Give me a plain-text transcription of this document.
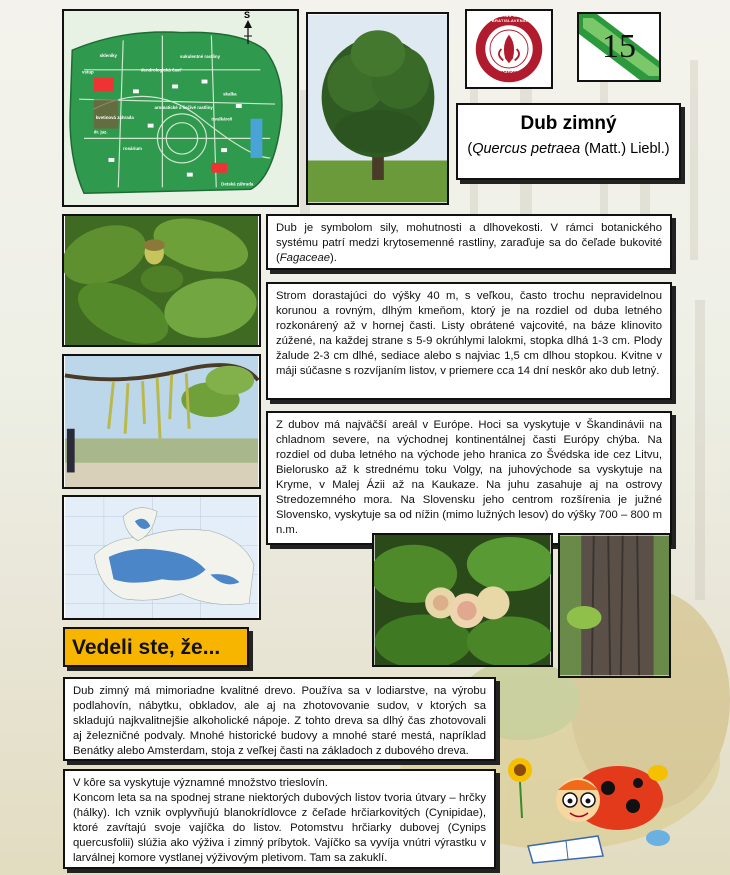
vstup
skleníky
dendrologická časť
sukulentné rastliny
kvetinová záhrada
rosárium
trvalkáreň
aromatické a liečivé rastliny
dr. jaz.
Detská záhrada
skalka
S
MCMXIX
UNIVERSITAS COMENIANA BRATISLAVENSIS
15
Dub zimný
(Quercus petraea (Matt.) Liebl.)

Dub je symbolom sily, mohutnosti a dlhovekosti. V rámci botanického systému patrí medzi krytosemenné rastliny, zaraďuje sa do čeľade bukovité (Fagaceae).

Strom dorastajúci do výšky 40 m, s veľkou, často trochu nepravidelnou korunou a rovným, dlhým kmeňom, ktorý je na rozdiel od duba letného rozkonárený až v hornej časti. Listy obrátené vajcovité, na báze klinovito zúžené, na každej strane s 5-9 okrúhlymi lalokmi, stopka dlhá 1-3 cm. Plody žalude 2-3 cm dlhé, sediace alebo s najviac 1,5 cm dlhou stopkou. Kvitne v máji súčasne s rozvíjaním listov, v priemere cca 14 dní neskôr ako dub letný.

Z dubov má najväčší areál v Európe. Hoci sa vyskytuje v Škandinávii na chladnom severe, na východnej kontinentálnej časti Európy chýba. Na rozdiel od duba letného na východe jeho hranica zo Švédska ide cez Litvu, Bielorusko až k strednému toku Volgy, na juhovýchode sa vyskytuje na Kryme, v Malej Ázii až na Kaukaze. Na juhu zasahuje aj na ostrovy Stredozemného mora. Na Slovensku jeho centrom rozšírenia je južné Slovensko, vyskytuje sa od nížin (mimo lužných lesov) do výšky 700 – 800 m n.m.

Vedeli ste, že...

Dub zimný má mimoriadne kvalitné drevo. Používa sa v lodiarstve, na výrobu podlahovín, nábytku, obkladov, ale aj na zhotovovanie sudov, v ktorých sa skladujú najkvalitnejšie alkoholické nápoje. Z tohto dreva sa dlhý čas zhotovovali aj železničné podvaly. Mnohé historické budovy a mnohé staré mestá, napríklad Benátky alebo Amsterdam, stoja z veľkej časti na základoch z dubového dreva.

V kôre sa vyskytuje významné množstvo trieslovín.

Koncom leta sa na spodnej strane niektorých dubových listov tvoria útvary – hrčky (hálky). Ich vznik ovplyvňujú blanokrídlovce z čeľade hrčiarkovitých (Cynipidae), ktoré zavŕtajú svoje vajíčka do listov. Potomstvu hrčiarky dubovej (Cynips quercusfolii) slúžia ako výživa i zimný príbytok. Vajíčko sa vyvíja vnútri výrastku v larválnej komore vystlanej výživovým pletivom. Tam sa zakuklí.
